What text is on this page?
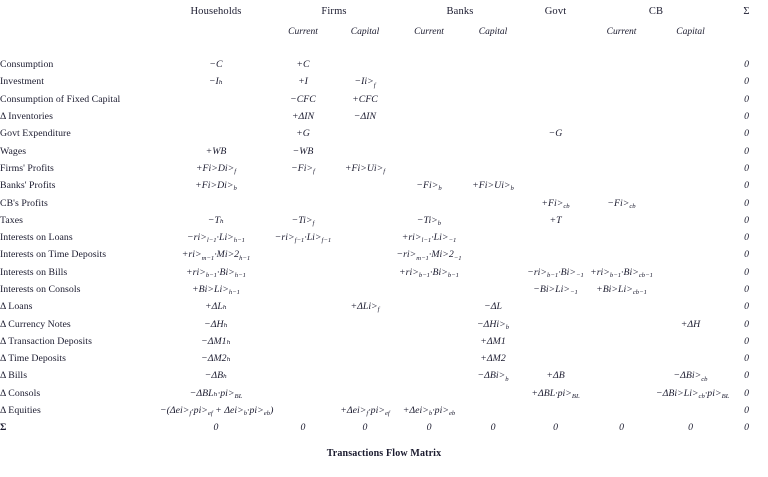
	Households	Firms		Banks		Govt	CB		Σ
		Current	Capital	Current	Capital		Current	Capital	

Consumption	−C	+C							0
Investment	−Iₕ	+I	$-Ii>_f$						0
Consumption of Fixed Capital		−CFC	+CFC						0
Δ Inventories		+ΔIN	−ΔIN						0
Govt Expenditure		+G				−G			0
Wages	+WB	−WB							0
Firms' Profits	$+Fi>Di>_f$	$-Fi>_f$	$+Fi>Ui>_f$						0
Banks' Profits	$+Fi>Di>_b$			$-Fi>_b$	$+Fi>Ui>_b$				0
CB's Profits						$+Fi>_{cb}$	$-Fi>_{cb}$		0
Taxes	−Tₕ	$-Ti>_f$		$-Ti>_b$		+T			0
Interests on Loans	$-ri>_{l-1}\cdot Li>_{h-1}$	$-ri>_{f-1}\cdot Li>_{f-1}$		$+ri>_{l-1}\cdot Li>_{-1}$					0
Interests on Time Deposits	$+ri>_{m-1}\cdot Mi>2_{h-1}$			$-ri>_{m-1}\cdot Mi>2_{-1}$					0
Interests on Bills	$+ri>_{b-1}\cdot Bi>_{h-1}$			$+ri>_{b-1}\cdot Bi>_{b-1}$		$-ri>_{b-1}\cdot Bi>_{-1}$	$+ri>_{b-1}\cdot Bi>_{cb-1}$		0
Interests on Consols	$+Bi>Li>_{h-1}$					$-Bi>Li>_{-1}$	$+Bi>Li>_{cb-1}$		0
Δ Loans	+ΔLₕ		$+\Delta Li>_f$		−ΔL				0
Δ Currency Notes	−ΔHₕ				$-\Delta Hi>_b$			+ΔH	0
Δ Transaction Deposits	−ΔM1ₕ				+ΔM1				0
Δ Time Deposits	−ΔM2ₕ				+ΔM2				0
Δ Bills	−ΔBₕ				$-\Delta Bi>_b$	+ΔB		$-\Delta Bi>_{cb}$	0
Δ Consols	$-\Delta BL_h\cdot pi>_{BL}$					$+\Delta BL\cdot pi>_{BL}$		$-\Delta Bi>Li>_{cb}\cdot pi>_{BL}$	0
Δ Equities	$-(\Delta ei>_f\cdot pi>_{ef} + \Delta ei>_b\cdot pi>_{eb})$		$+\Delta ei>_f\cdot pi>_{ef}$	$+\Delta ei>_b\cdot pi>_{eb}$					0
Σ	0	0	0	0	0	0	0	0	0
Transactions Flow Matrix
